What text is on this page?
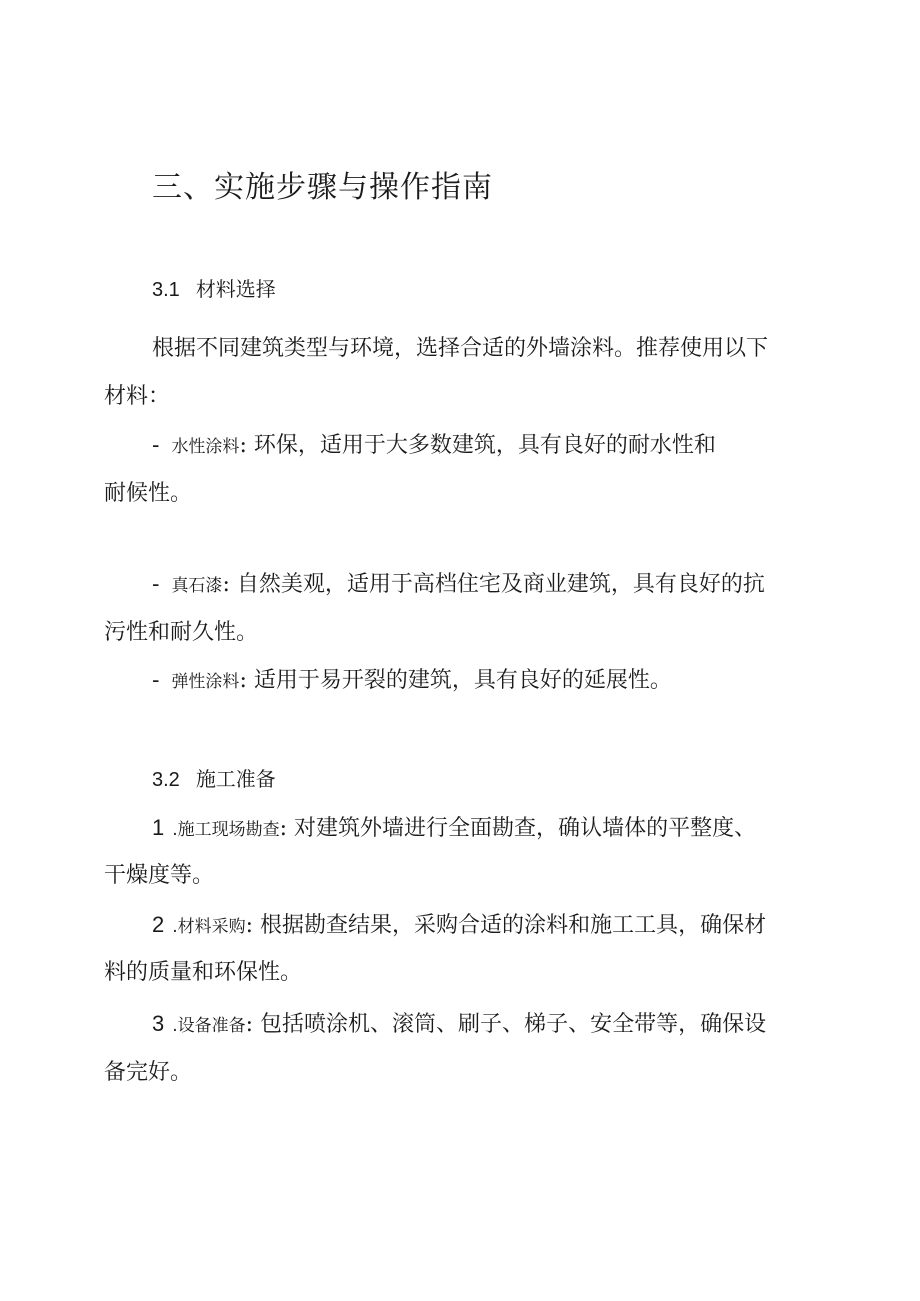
三、实施步骤与操作指南
3.1 材料选择
根据不同建筑类型与环境，选择合适的外墙涂料。推荐使用以下
材料：
- 水性涂料: 环保，适用于大多数建筑，具有良好的耐水性和
耐候性。
- 真石漆: 自然美观，适用于高档住宅及商业建筑，具有良好的抗
污性和耐久性。
- 弹性涂料: 适用于易开裂的建筑，具有良好的延展性。
3.2 施工准备
1 .施工现场勘查: 对建筑外墙进行全面勘查，确认墙体的平整度、
干燥度等。
2 .材料采购: 根据勘查结果，采购合适的涂料和施工工具，确保材
料的质量和环保性。
3 .设备准备: 包括喷涂机、滚筒、刷子、梯子、安全带等，确保设
备完好。
